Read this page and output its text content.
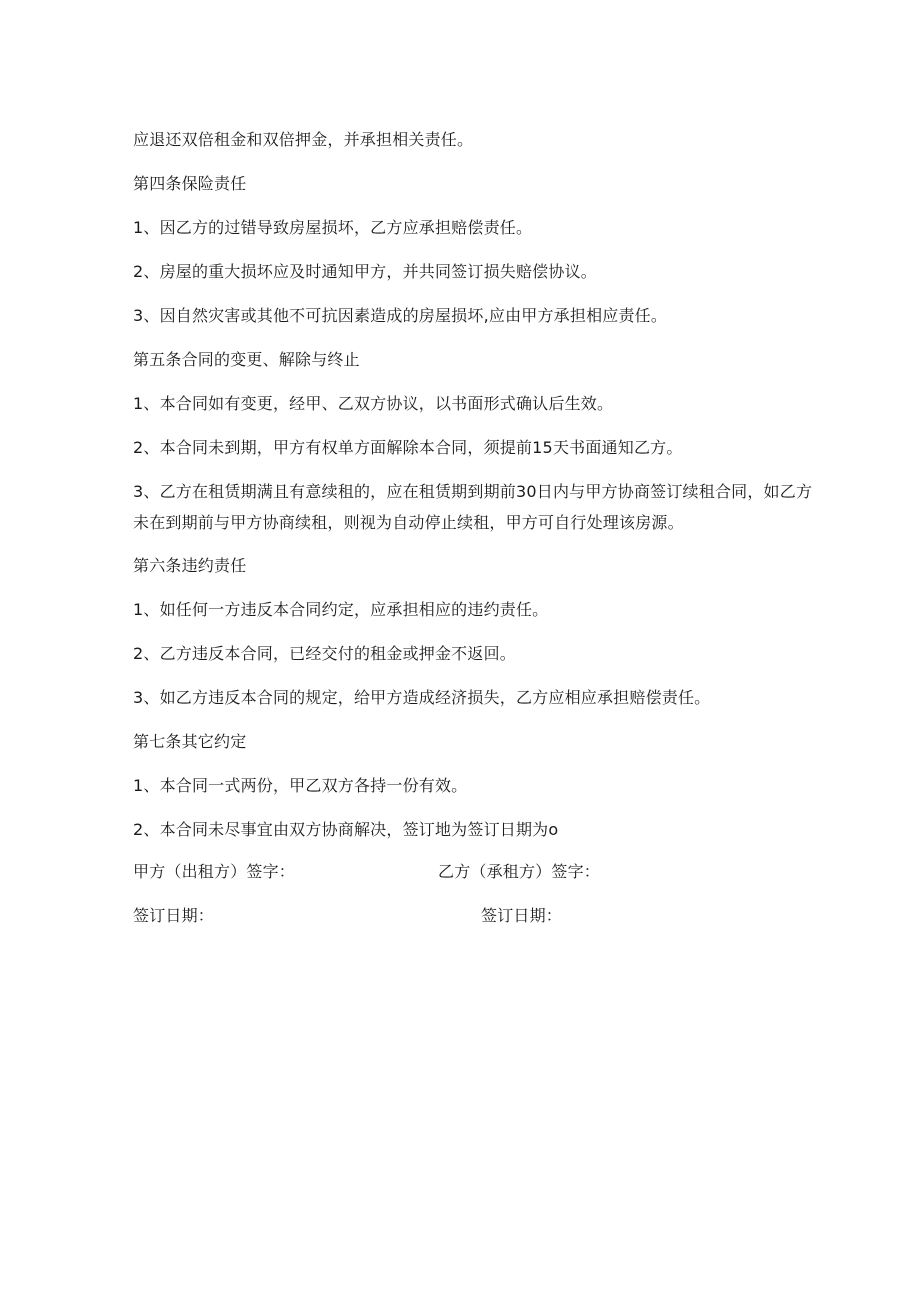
应退还双倍租金和双倍押金，并承担相关责任。
第四条保险责任
1、因乙方的过错导致房屋损坏，乙方应承担赔偿责任。
2、房屋的重大损坏应及时通知甲方，并共同签订损失赔偿协议。
3、因自然灾害或其他不可抗因素造成的房屋损坏,应由甲方承担相应责任。
第五条合同的变更、解除与终止
1、本合同如有变更，经甲、乙双方协议，以书面形式确认后生效。
2、本合同未到期，甲方有权单方面解除本合同，须提前15天书面通知乙方。
3、乙方在租赁期满且有意续租的，应在租赁期到期前30日内与甲方协商签订续租合同，如乙方未在到期前与甲方协商续租，则视为自动停止续租，甲方可自行处理该房源。
第六条违约责任
1、如任何一方违反本合同约定，应承担相应的违约责任。
2、乙方违反本合同，已经交付的租金或押金不返回。
3、如乙方违反本合同的规定，给甲方造成经济损失，乙方应相应承担赔偿责任。
第七条其它约定
1、本合同一式两份，甲乙双方各持一份有效。
2、本合同未尽事宜由双方协商解决，签订地为签订日期为o
甲方（出租方）签字：	乙方（承租方）签字：
签订日期：	签订日期：
